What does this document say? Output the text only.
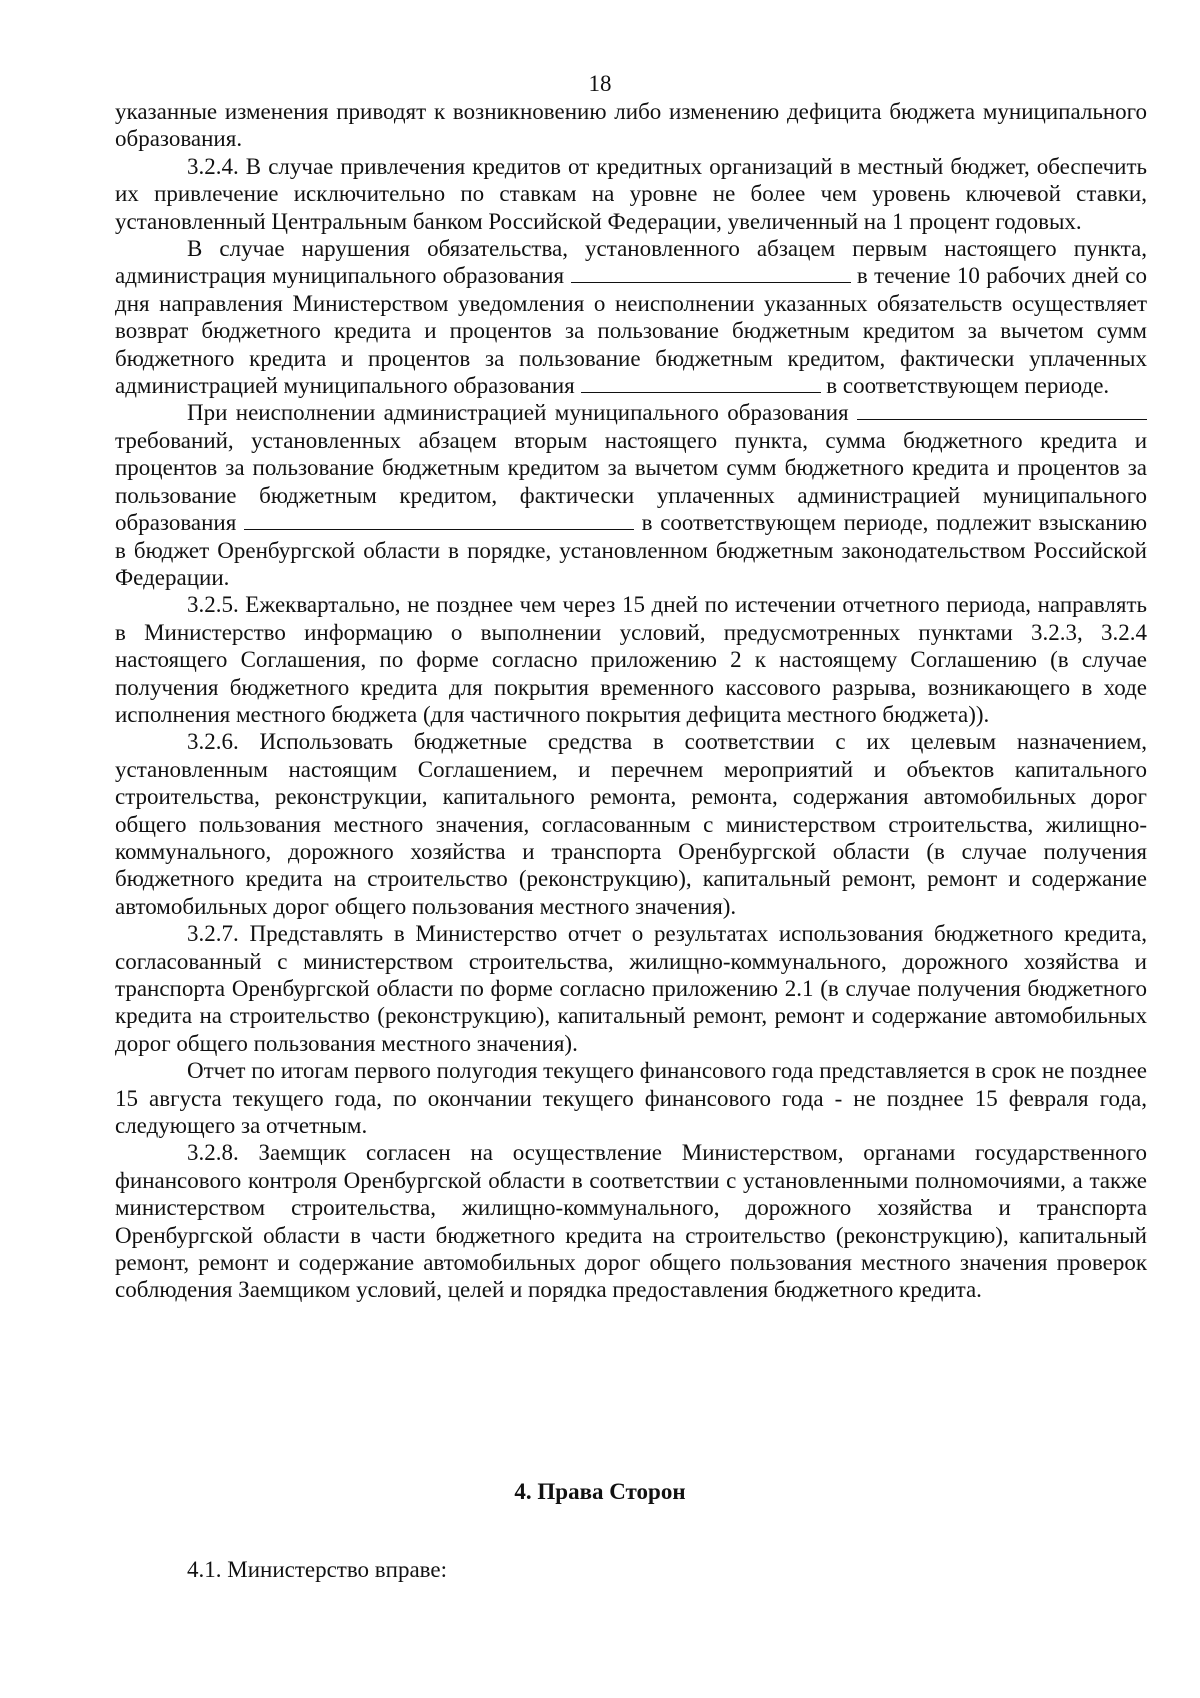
18

указанные изменения приводят к возникновению либо изменению дефицита бюджета муниципального образования.

3.2.4. В случае привлечения кредитов от кредитных организаций в местный бюджет, обеспечить их привлечение исключительно по ставкам на уровне не более чем уровень ключевой ставки, установленный Центральным банком Российской Федерации, увеличенный на 1 процент годовых.

В случае нарушения обязательства, установленного абзацем первым настоящего пункта, администрация муниципального образования	в течение 10 рабочих дней со дня направления Министерством уведомления о неисполнении указанных обязательств осуществляет возврат бюджетного кредита и процентов за пользование бюджетным кредитом за вычетом сумм бюджетного кредита и процентов за пользование бюджетным кредитом, фактически уплаченных администрацией муниципального образования	в соответствующем периоде.

При неисполнении администрацией муниципального образования  требований, установленных абзацем вторым настоящего пункта, сумма бюджетного кредита и процентов за пользование бюджетным кредитом за вычетом сумм бюджетного кредита и процентов за пользование бюджетным кредитом, фактически уплаченных администрацией муниципального образования	в соответствующем периоде, подлежит взысканию в бюджет Оренбургской области в порядке, установленном бюджетным законодательством Российской Федерации.

3.2.5. Ежеквартально, не позднее чем через 15 дней по истечении отчетного периода, направлять в Министерство информацию о выполнении условий, предусмотренных пунктами 3.2.3, 3.2.4 настоящего Соглашения, по форме согласно приложению 2 к настоящему Соглашению (в случае получения бюджетного кредита для покрытия временного кассового разрыва, возникающего в ходе исполнения местного бюджета (для частичного покрытия дефицита местного бюджета)).

3.2.6. Использовать бюджетные средства в соответствии с их целевым назначением, установленным настоящим Соглашением, и перечнем мероприятий и объектов капитального строительства, реконструкции, капитального ремонта, ремонта, содержания автомобильных дорог общего пользования местного значения, согласованным с министерством строительства, жилищно-коммунального, дорожного хозяйства и транспорта Оренбургской области (в случае получения бюджетного кредита на строительство (реконструкцию), капитальный ремонт, ремонт и содержание автомобильных дорог общего пользования местного значения).

3.2.7. Представлять в Министерство отчет о результатах использования бюджетного кредита, согласованный с министерством строительства, жилищно-коммунального, дорожного хозяйства и транспорта Оренбургской области по форме согласно приложению 2.1 (в случае получения бюджетного кредита на строительство (реконструкцию), капитальный ремонт, ремонт и содержание автомобильных дорог общего пользования местного значения).

Отчет по итогам первого полугодия текущего финансового года представляется в срок не позднее 15 августа текущего года, по окончании текущего финансового года - не позднее 15 февраля года, следующего за отчетным.

3.2.8. Заемщик согласен на осуществление Министерством, органами государственного финансового контроля Оренбургской области в соответствии с установленными полномочиями, а также министерством строительства, жилищно-коммунального, дорожного хозяйства и транспорта Оренбургской области в части бюджетного кредита на строительство (реконструкцию), капитальный ремонт, ремонт и содержание автомобильных дорог общего пользования местного значения проверок соблюдения Заемщиком условий, целей и порядка предоставления бюджетного кредита.

4. Права Сторон
4.1. Министерство вправе:
